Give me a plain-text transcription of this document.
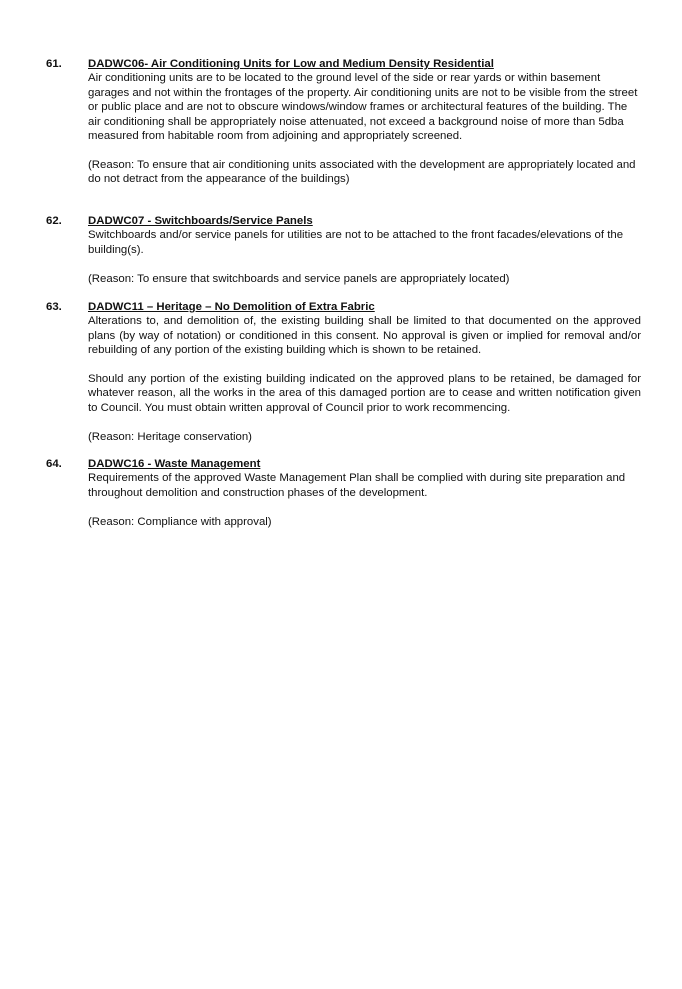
61. DADWC06- Air Conditioning Units for Low and Medium Density Residential

Air conditioning units are to be located to the ground level of the side or rear yards or within basement garages and not within the frontages of the property. Air conditioning units are not to be visible from the street or public place and are not to obscure windows/window frames or architectural features of the building. The air conditioning shall be appropriately noise attenuated, not exceed a background noise of more than 5dba measured from habitable room from adjoining and appropriately screened.

(Reason: To ensure that air conditioning units associated with the development are appropriately located and do not detract from the appearance of the buildings)

62. DADWC07 - Switchboards/Service Panels

Switchboards and/or service panels for utilities are not to be attached to the front facades/elevations of the building(s).

(Reason: To ensure that switchboards and service panels are appropriately located)

63. DADWC11 – Heritage – No Demolition of Extra Fabric

Alterations to, and demolition of, the existing building shall be limited to that documented on the approved plans (by way of notation) or conditioned in this consent. No approval is given or implied for removal and/or rebuilding of any portion of the existing building which is shown to be retained.

Should any portion of the existing building indicated on the approved plans to be retained, be damaged for whatever reason, all the works in the area of this damaged portion are to cease and written notification given to Council. You must obtain written approval of Council prior to work recommencing.

(Reason: Heritage conservation)

64. DADWC16 - Waste Management

Requirements of the approved Waste Management Plan shall be complied with during site preparation and throughout demolition and construction phases of the development.

(Reason: Compliance with approval)
